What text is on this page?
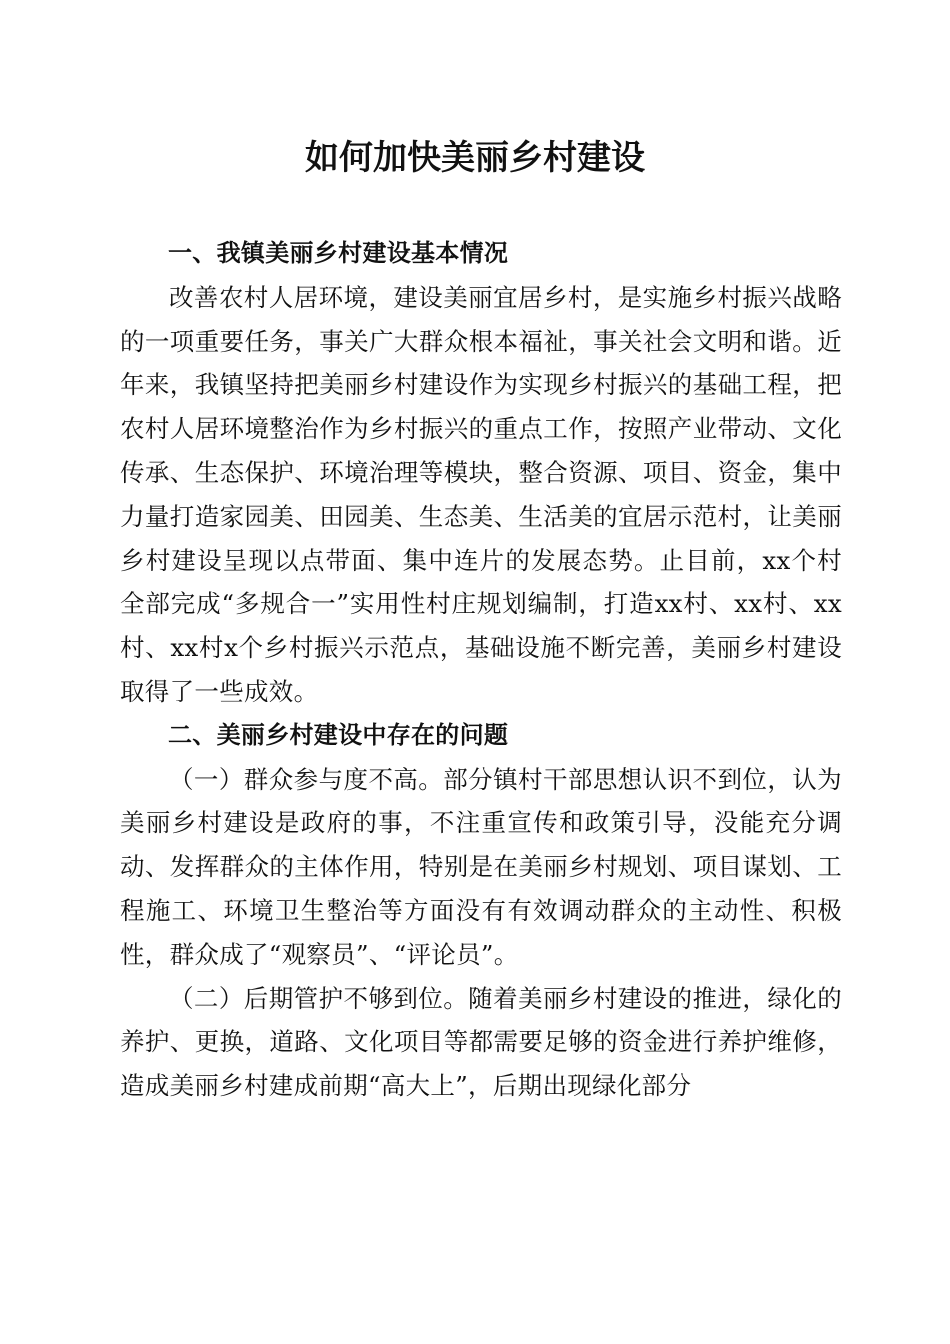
如何加快美丽乡村建设

一、我镇美丽乡村建设基本情况

改善农村人居环境，建设美丽宜居乡村，是实施乡村振兴战略的一项重要任务，事关广大群众根本福祉，事关社会文明和谐。近年来，我镇坚持把美丽乡村建设作为实现乡村振兴的基础工程，把农村人居环境整治作为乡村振兴的重点工作，按照产业带动、文化传承、生态保护、环境治理等模块，整合资源、项目、资金，集中力量打造家园美、田园美、生态美、生活美的宜居示范村，让美丽乡村建设呈现以点带面、集中连片的发展态势。止目前，xx个村全部完成“多规合一”实用性村庄规划编制，打造xx村、xx村、xx村、xx村x个乡村振兴示范点，基础设施不断完善，美丽乡村建设取得了一些成效。

二、美丽乡村建设中存在的问题

（一）群众参与度不高。部分镇村干部思想认识不到位，认为美丽乡村建设是政府的事，不注重宣传和政策引导，没能充分调动、发挥群众的主体作用，特别是在美丽乡村规划、项目谋划、工程施工、环境卫生整治等方面没有有效调动群众的主动性、积极性，群众成了“观察员”、“评论员”。

（二）后期管护不够到位。随着美丽乡村建设的推进，绿化的养护、更换，道路、文化项目等都需要足够的资金进行养护维修，造成美丽乡村建成前期“高大上”，后期出现绿化部分
